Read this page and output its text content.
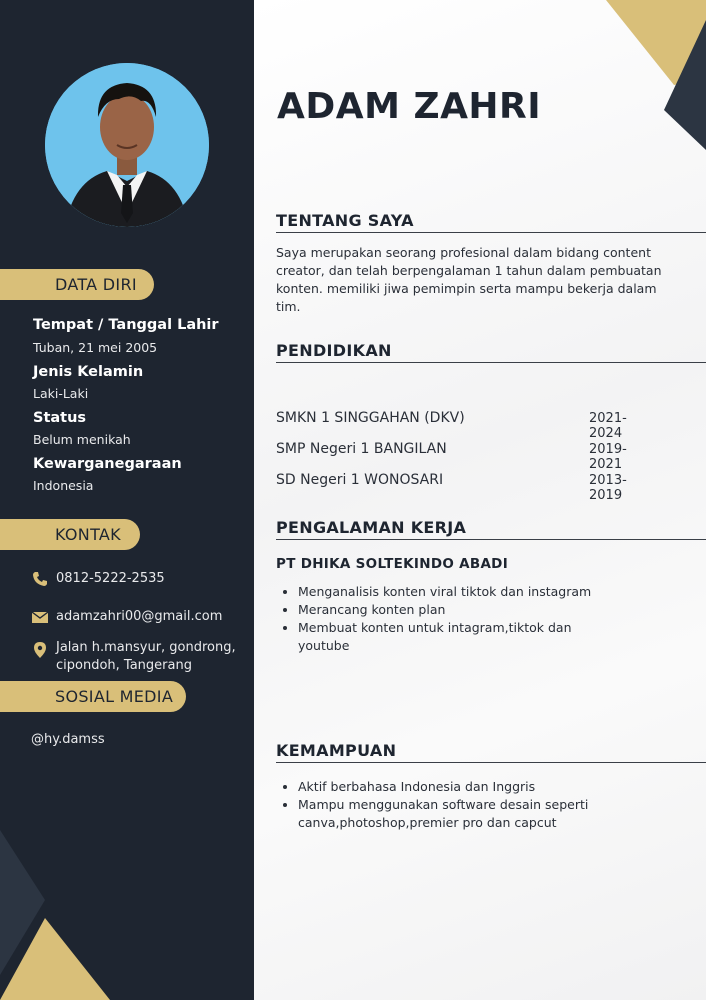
DATA DIRI
Tempat / Tanggal Lahir
Tuban, 21 mei 2005
Jenis Kelamin
Laki-Laki
Status
Belum menikah
Kewarganegaraan
Indonesia
KONTAK
0812-5222-2535
adamzahri00@gmail.com
Jalan h.mansyur, gondrong,
cipondoh, Tangerang
SOSIAL MEDIA
@hy.damss
ADAM ZAHRI
TENTANG SAYA

Saya merupakan seorang profesional dalam bidang content creator, dan telah berpengalaman 1 tahun dalam pembuatan konten. memiliki jiwa pemimpin serta mampu bekerja dalam tim.

PENDIDIKAN
SMKN 1 SINGGAHAN (DKV)	2021-2024
SMP Negeri 1 BANGILAN	2019-2021
SD Negeri 1 WONOSARI	2013-2019
PENGALAMAN KERJA

PT DHIKA SOLTEKINDO ABADI

• Menganalisis konten viral tiktok dan instagram
• Merancang konten plan
• Membuat konten untuk intagram,tiktok dan youtube
KEMAMPUAN
• Aktif berbahasa Indonesia dan Inggris
• Mampu menggunakan software desain seperti canva,photoshop,premier pro dan capcut
